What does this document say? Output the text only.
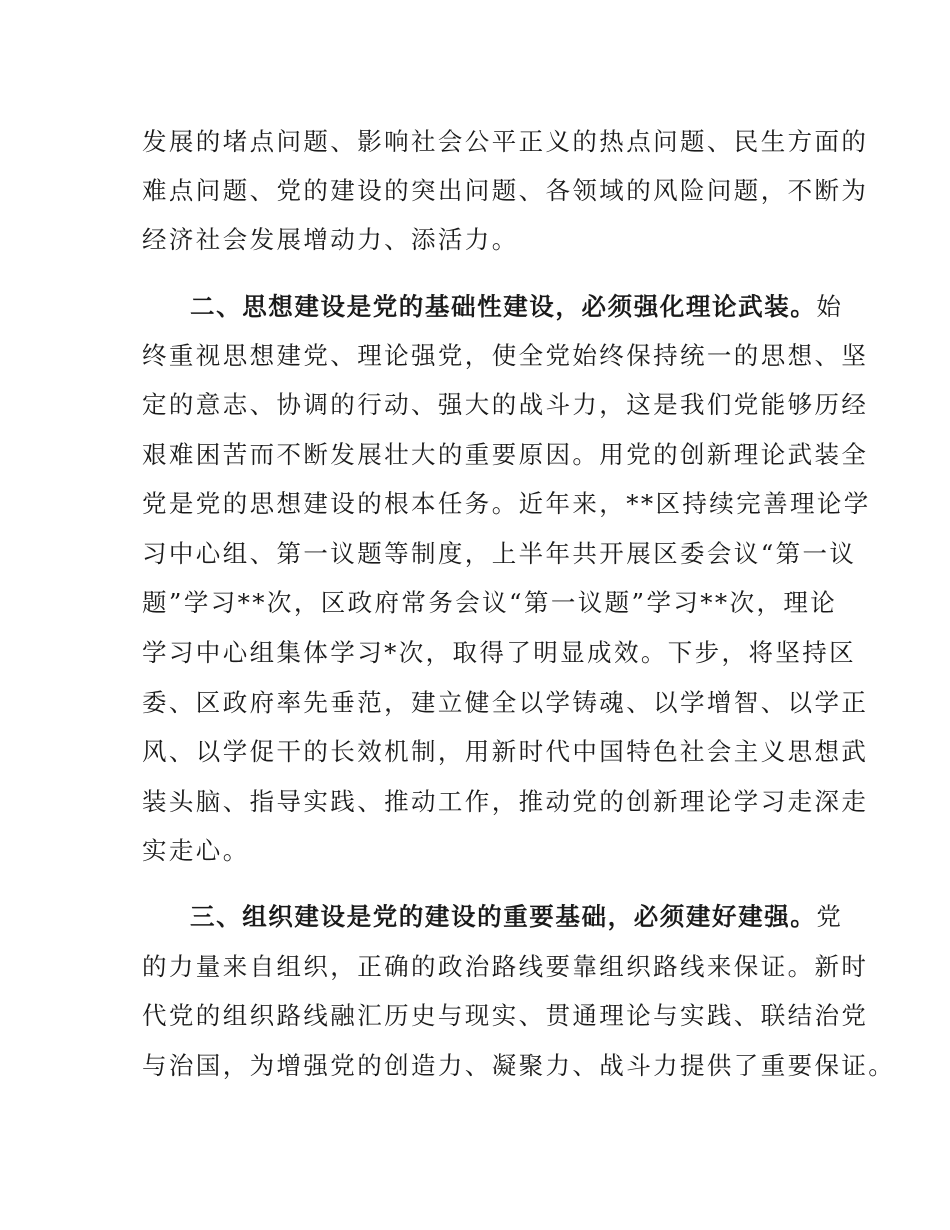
发展的堵点问题、影响社会公平正义的热点问题、民生方面的
难点问题、党的建设的突出问题、各领域的风险问题，不断为
经济社会发展增动力、添活力。
二、思想建设是党的基础性建设，必须强化理论武装。始
终重视思想建党、理论强党，使全党始终保持统一的思想、坚
定的意志、协调的行动、强大的战斗力，这是我们党能够历经
艰难困苦而不断发展壮大的重要原因。用党的创新理论武装全
党是党的思想建设的根本任务。近年来，**区持续完善理论学
习中心组、第一议题等制度，上半年共开展区委会议“第一议
题”学习**次，区政府常务会议“第一议题”学习**次，理论
学习中心组集体学习*次，取得了明显成效。下步，将坚持区
委、区政府率先垂范，建立健全以学铸魂、以学增智、以学正
风、以学促干的长效机制，用新时代中国特色社会主义思想武
装头脑、指导实践、推动工作，推动党的创新理论学习走深走
实走心。
三、组织建设是党的建设的重要基础，必须建好建强。党
的力量来自组织，正确的政治路线要靠组织路线来保证。新时
代党的组织路线融汇历史与现实、贯通理论与实践、联结治党
与治国，为增强党的创造力、凝聚力、战斗力提供了重要保证。
